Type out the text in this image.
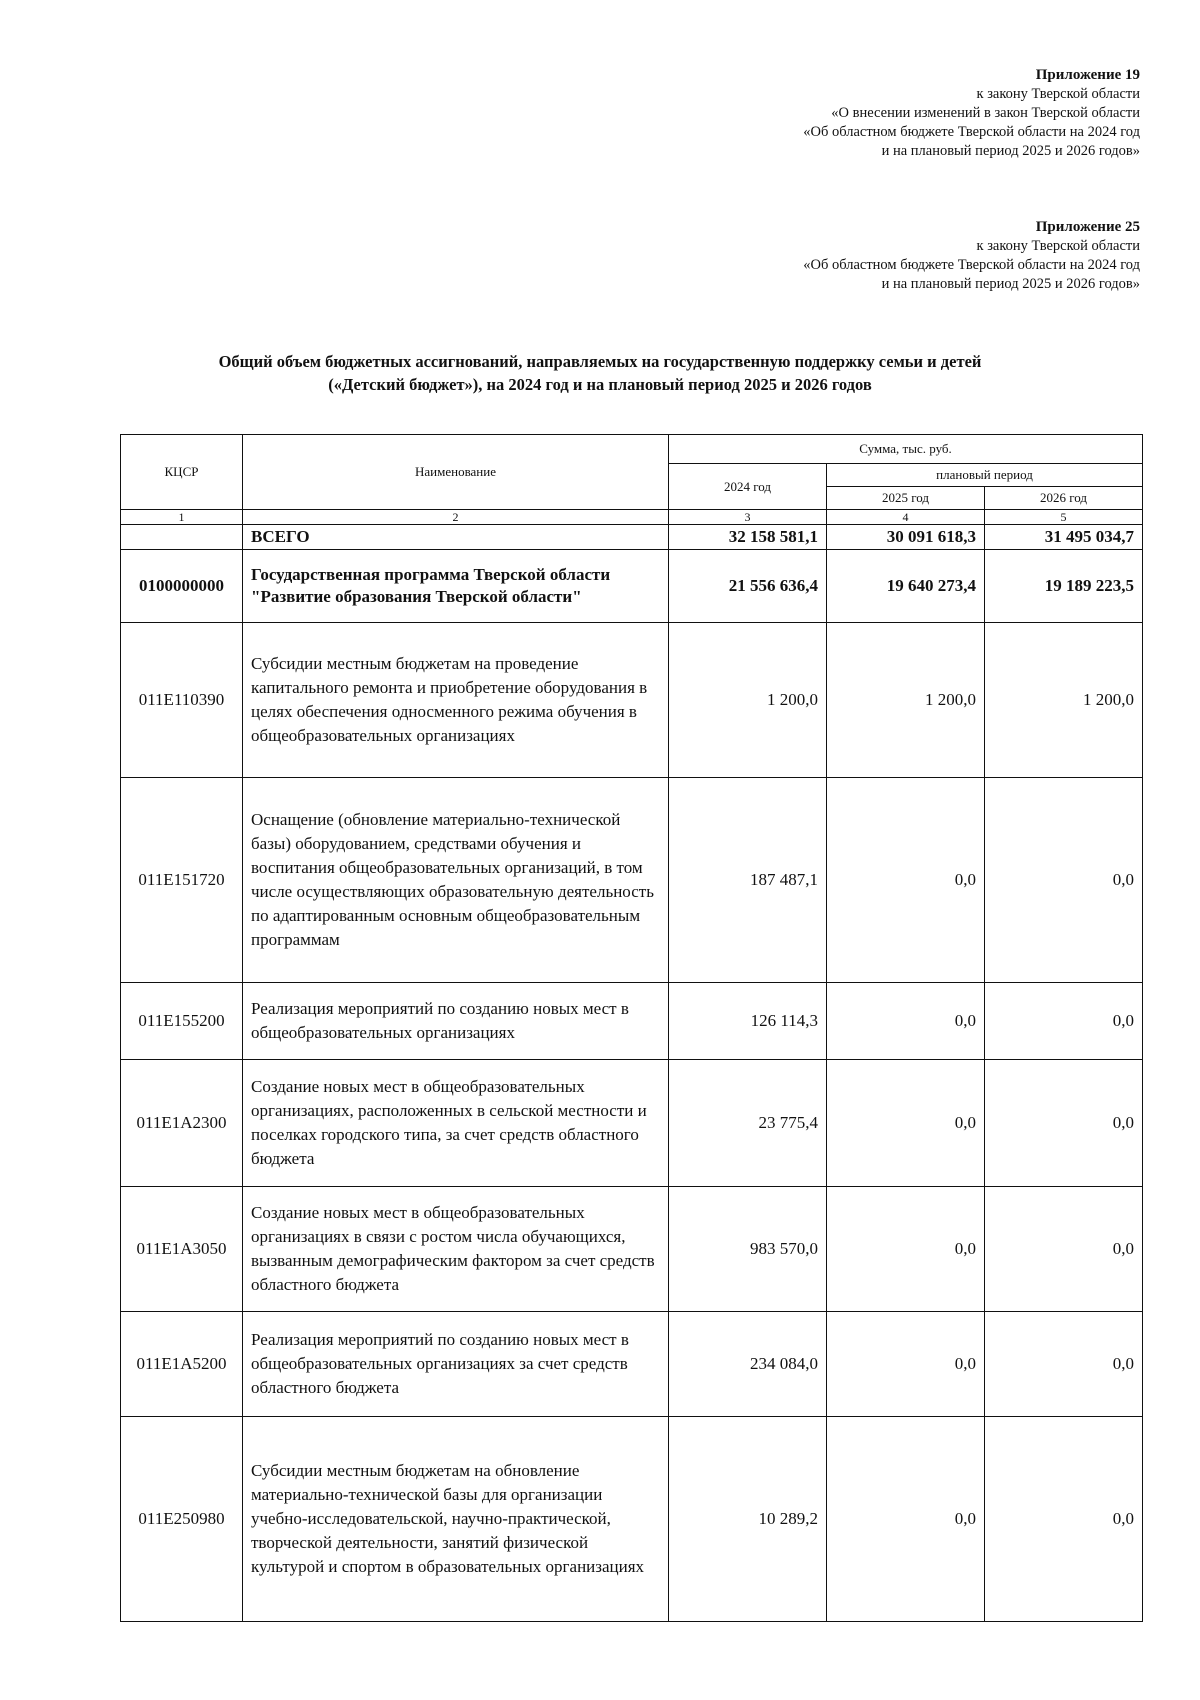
Приложение 19
к закону Тверской области
«О внесении изменений в закон Тверской области
«Об областном бюджете Тверской области на 2024 год
и на плановый период 2025 и 2026 годов»
Приложение 25
к закону Тверской области
«Об областном бюджете Тверской области на 2024 год
и на плановый период 2025 и 2026 годов»
Общий объем бюджетных ассигнований, направляемых на государственную поддержку семьи и детей
(«Детский бюджет»), на 2024 год и на плановый период 2025 и 2026 годов
КЦСР	Наименование	Сумма, тыс. руб.		
		2024 год	плановый период	
			2025 год	2026 год
1	2	3	4	5
	ВСЕГО	32 158 581,1	30 091 618,3	31 495 034,7
0100000000	Государственная программа Тверской области "Развитие образования Тверской области"	21 556 636,4	19 640 273,4	19 189 223,5
011E110390	Субсидии местным бюджетам на проведение капитального ремонта и приобретение оборудования в целях обеспечения односменного режима обучения в общеобразовательных организациях	1 200,0	1 200,0	1 200,0
011E151720	Оснащение (обновление материально-технической базы) оборудованием, средствами обучения и воспитания общеобразовательных организаций, в том числе осуществляющих образовательную деятельность по адаптированным основным общеобразовательным программам	187 487,1	0,0	0,0
011E155200	Реализация мероприятий по созданию новых мест в общеобразовательных организациях	126 114,3	0,0	0,0
011E1A2300	Создание новых мест в общеобразовательных организациях, расположенных в сельской местности и поселках городского типа, за счет средств областного бюджета	23 775,4	0,0	0,0
011E1A3050	Создание новых мест в общеобразовательных организациях в связи с ростом числа обучающихся, вызванным демографическим фактором за счет средств областного бюджета	983 570,0	0,0	0,0
011E1A5200	Реализация мероприятий по созданию новых мест в общеобразовательных организациях за счет средств областного бюджета	234 084,0	0,0	0,0
011E250980	Субсидии местным бюджетам на обновление материально-технической базы для организации учебно-исследовательской, научно-практической, творческой деятельности, занятий физической культурой и спортом в образовательных организациях	10 289,2	0,0	0,0
